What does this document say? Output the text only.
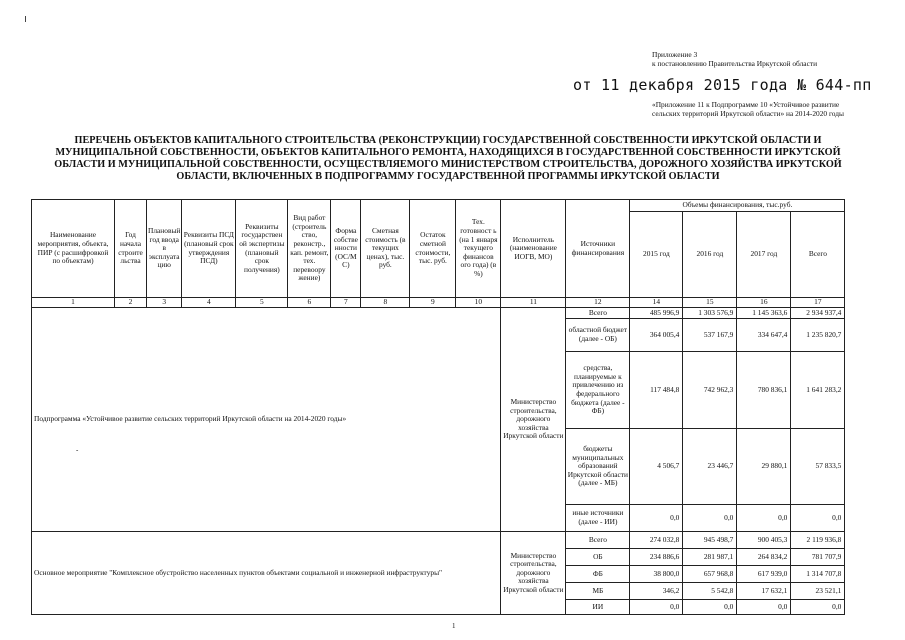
Приложение 3
к постановлению Правительства Иркутской области
от 11 декабря 2015 года № 644-пп
«Приложение 11 к Подпрограмме 10 «Устойчивое развитие сельских территорий Иркутской области» на 2014-2020 годы
ПЕРЕЧЕНЬ ОБЪЕКТОВ КАПИТАЛЬНОГО СТРОИТЕЛЬСТВА (РЕКОНСТРУКЦИИ) ГОСУДАРСТВЕННОЙ СОБСТВЕННОСТИ ИРКУТСКОЙ ОБЛАСТИ И МУНИЦИПАЛЬНОЙ СОБСТВЕННОСТИ, ОБЪЕКТОВ КАПИТАЛЬНОГО РЕМОНТА, НАХОДЯЩИХСЯ В ГОСУДАРСТВЕННОЙ СОБСТВЕННОСТИ ИРКУТСКОЙ ОБЛАСТИ И МУНИЦИПАЛЬНОЙ СОБСТВЕННОСТИ, ОСУЩЕСТВЛЯЕМОГО МИНИСТЕРСТВОМ СТРОИТЕЛЬСТВА, ДОРОЖНОГО ХОЗЯЙСТВА ИРКУТСКОЙ ОБЛАСТИ, ВКЛЮЧЕННЫХ В ПОДПРОГРАММУ ГОСУДАРСТВЕННОЙ ПРОГРАММЫ ИРКУТСКОЙ ОБЛАСТИ
Наименование мероприятия, объекта, ПИР (с расшифровкой по объектам)	Год начала строите льства	Плановый год ввода в эксплуата цию	Реквизиты ПСД (плановый срок утверждения ПСД)	Реквизиты государствен ой экспертизы (плановый срок получения)	Вид работ (строитель ство, реконстр., кап. ремонт, тех. перевоору жение)	Форма собстве нности (ОС/М С)	Сметная стоимость (в текущих ценах), тыс. руб.	Остаток сметной стоимости, тыс. руб.	Тех. готовност ь (на 1 января текущего финансов ого года) (в %)	Исполнитель (наименование ИОГВ, МО)	Источники финансирования	Объемы финансирования, тыс.руб.			
												2015 год	2016 год	2017 год	Всего
1	2	3	4	5	6	7	8	9	10	11	12	14	15	16	17
Подпрограмма «Устойчивое развитие сельских территорий Иркутской области на 2014-2020 годы»										Министерство строительства, дорожного хозяйства Иркутской области	Всего	485 996,9	1 303 576,9	1 145 363,6	2 934 937,4
											областной бюджет (далее - ОБ)	364 005,4	537 167,9	334 647,4	1 235 820,7
											средства, планируемые к привлечению из федерального бюджета (далее - ФБ)	117 484,8	742 962,3	780 836,1	1 641 283,2
											бюджеты муниципальных образований Иркутской области (далее - МБ)	4 506,7	23 446,7	29 880,1	57 833,5
											иные источники (далее - ИИ)	0,0	0,0	0,0	0,0
Основное мероприятие "Комплексное обустройство населенных пунктов объектами социальной и инженерной инфраструктуры"										Министерство строительства, дорожного хозяйства Иркутской области	Всего	274 032,8	945 498,7	900 405,3	2 119 936,8
											ОБ	234 886,6	281 987,1	264 834,2	781 707,9
											ФБ	38 800,0	657 968,8	617 939,0	1 314 707,8
											МБ	346,2	5 542,8	17 632,1	23 521,1
											ИИ	0,0	0,0	0,0	0,0
-
1
